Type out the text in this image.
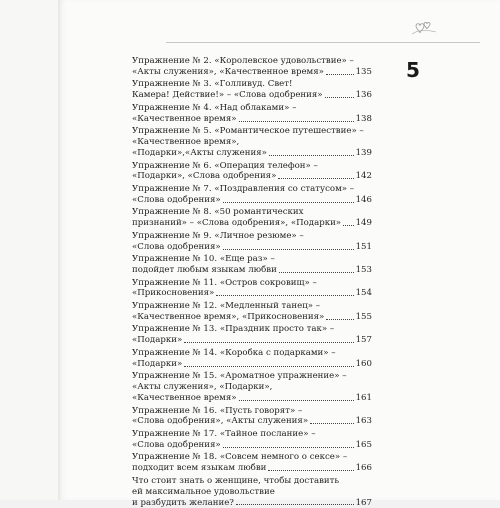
5
Упражнение № 2. «Королевское удовольствие» –
«Акты служения», «Качественное время»	135
Упражнение № 3. «Голливуд. Свет!
Камера! Действие!» – «Слова одобрения»	136
Упражнение № 4. «Над облаками» –
«Качественное время»	138
Упражнение № 5. «Романтическое путешествие» –
«Качественное время»,
«Подарки»,«Акты служения»	139
Упражнение № 6. «Операция телефон» –
«Подарки», «Слова одобрения»	142
Упражнение № 7. «Поздравления со статусом» –
«Слова одобрения»	146
Упражнение № 8. «50 романтических
признаний» – «Слова одобрения», «Подарки» 149
Упражнение № 9. «Личное резюме» –
«Слова одобрения»	151
Упражнение № 10. «Еще раз» –
подойдет любым языкам любви	153
Упражнение № 11. «Остров сокровищ» –
«Прикосновения»	154
Упражнение № 12. «Медленный танец» –
«Качественное время», «Прикосновения»	155
Упражнение № 13. «Праздник просто так» –
«Подарки»	157
Упражнение № 14. «Коробка с подарками» –
«Подарки»	160
Упражнение № 15. «Ароматное упражнение» –
«Акты служения», «Подарки»,
«Качественное время»	161
Упражнение № 16. «Пусть говорят» –
«Слова одобрения», «Акты служения»	163
Упражнение № 17. «Тайное послание» –
«Слова одобрения»	165
Упражнение № 18. «Совсем немного о сексе» –
подходит всем языкам любви	166
Что стоит знать о женщине, чтобы доставить
ей максимальное удовольствие
и разбудить желание?	167
